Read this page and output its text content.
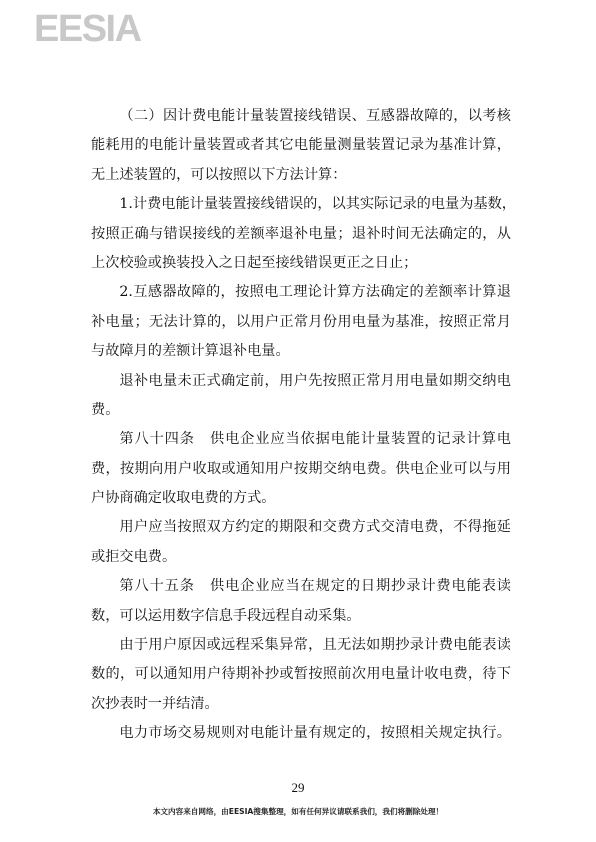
EESIA
（二）因计费电能计量装置接线错误、互感器故障的，以考核
能耗用的电能计量装置或者其它电能量测量装置记录为基准计算，
无上述装置的，可以按照以下方法计算：
1.计费电能计量装置接线错误的，以其实际记录的电量为基数，
按照正确与错误接线的差额率退补电量；退补时间无法确定的，从
上次校验或换装投入之日起至接线错误更正之日止；
2.互感器故障的，按照电工理论计算方法确定的差额率计算退
补电量；无法计算的，以用户正常月份用电量为基准，按照正常月
与故障月的差额计算退补电量。
退补电量未正式确定前，用户先按照正常月用电量如期交纳电
费。
第八十四条　供电企业应当依据电能计量装置的记录计算电
费，按期向用户收取或通知用户按期交纳电费。供电企业可以与用
户协商确定收取电费的方式。
用户应当按照双方约定的期限和交费方式交清电费，不得拖延
或拒交电费。
第八十五条　供电企业应当在规定的日期抄录计费电能表读
数，可以运用数字信息手段远程自动采集。
由于用户原因或远程采集异常，且无法如期抄录计费电能表读
数的，可以通知用户待期补抄或暂按照前次用电量计收电费，待下
次抄表时一并结清。
电力市场交易规则对电能计量有规定的，按照相关规定执行。
29
本文内容来自网络，由EESIA搜集整理，如有任何异议请联系我们，我们将删除处理！
